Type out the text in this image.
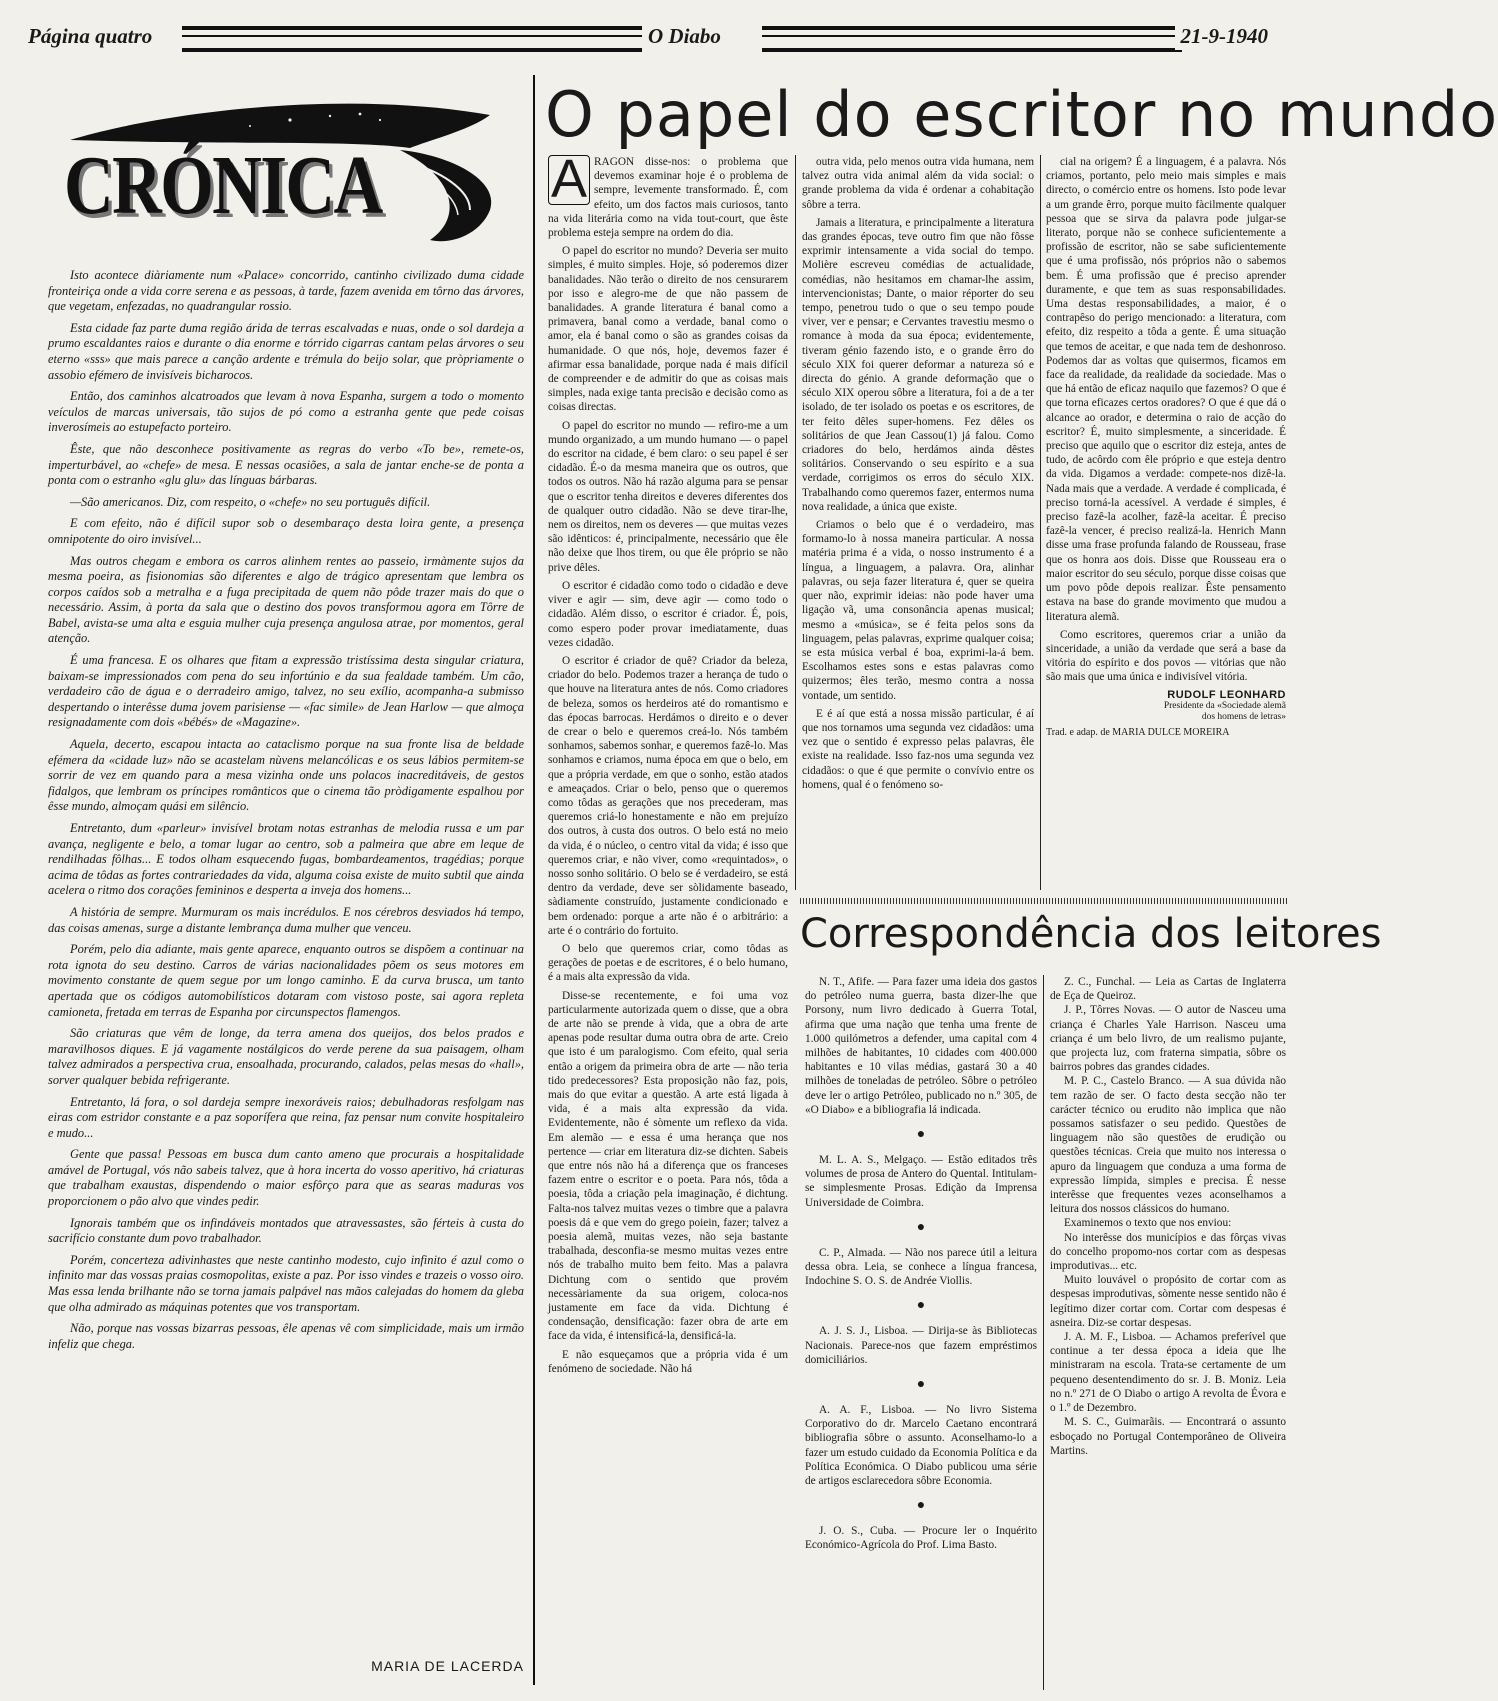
Página quatro	O Diabo	21-9-1940
CRÓNICA

Isto acontece diàriamente num «Palace» concorrido, cantinho civilizado duma cidade fronteiriça onde a vida corre serena e as pessoas, à tarde, fazem avenida em tôrno das árvores, que vegetam, enfezadas, no quadrangular rossio.

Esta cidade faz parte duma região árida de terras escalvadas e nuas, onde o sol dardeja a prumo escaldantes raios e durante o dia enorme e tórrido cigarras cantam pelas árvores o seu eterno «sss» que mais parece a canção ardente e trémula do beijo solar, que pròpriamente o assobio efémero de invisíveis bicharocos.

Então, dos caminhos alcatroados que levam à nova Espanha, surgem a todo o momento veículos de marcas universais, tão sujos de pó como a estranha gente que pede coisas inverosímeis ao estupefacto porteiro.

Êste, que não desconhece positivamente as regras do verbo «To be», remete-os, imperturbável, ao «chefe» de mesa. E nessas ocasiões, a sala de jantar enche-se de ponta a ponta com o estranho «glu glu» das línguas bárbaras.

—São americanos. Diz, com respeito, o «chefe» no seu português difícil.

E com efeito, não é difícil supor sob o desembaraço desta loira gente, a presença omnipotente do oiro invisível...

Mas outros chegam e embora os carros alinhem rentes ao passeio, irmàmente sujos da mesma poeira, as fisionomias são diferentes e algo de trágico apresentam que lembra os corpos caídos sob a metralha e a fuga precipitada de quem não pôde trazer mais do que o necessário. Assim, à porta da sala que o destino dos povos transformou agora em Tôrre de Babel, avista-se uma alta e esguia mulher cuja presença angulosa atrae, por momentos, geral atenção.

É uma francesa. E os olhares que fitam a expressão tristíssima desta singular criatura, baixam-se impressionados com pena do seu infortúnio e da sua fealdade também. Um cão, verdadeiro cão de água e o derradeiro amigo, talvez, no seu exílio, acompanha-a submisso despertando o interêsse duma jovem parisiense — «fac simile» de Jean Harlow — que almoça resignadamente com dois «bébés» de «Magazine».

Aquela, decerto, escapou intacta ao cataclismo porque na sua fronte lisa de beldade efémera da «cidade luz» não se acastelam nùvens melancólicas e os seus lábios permitem-se sorrir de vez em quando para a mesa vizinha onde uns polacos inacreditáveis, de gestos fidalgos, que lembram os príncipes românticos que o cinema tão pròdigamente espalhou por êsse mundo, almoçam quási em silêncio.

Entretanto, dum «parleur» invisível brotam notas estranhas de melodia russa e um par avança, negligente e belo, a tomar lugar ao centro, sob a palmeira que abre em leque de rendilhadas fôlhas... E todos olham esquecendo fugas, bombardeamentos, tragédias; porque acima de tôdas as fortes contrariedades da vida, alguma coisa existe de muito subtil que ainda acelera o ritmo dos corações femininos e desperta a inveja dos homens...

A história de sempre. Murmuram os mais incrédulos. E nos cérebros desviados há tempo, das coisas amenas, surge a distante lembrança duma mulher que venceu.

Porém, pelo dia adiante, mais gente aparece, enquanto outros se dispõem a continuar na rota ignota do seu destino. Carros de várias nacionalidades põem os seus motores em movimento constante de quem segue por um longo caminho. E da curva brusca, um tanto apertada que os códigos automobilísticos dotaram com vistoso poste, sai agora repleta camioneta, fretada em terras de Espanha por circunspectos flamengos.

São criaturas que vêm de longe, da terra amena dos queijos, dos belos prados e maravilhosos diques. E já vagamente nostálgicos do verde perene da sua paisagem, olham talvez admirados a perspectiva crua, ensoalhada, procurando, calados, pelas mesas do «hall», sorver qualquer bebida refrigerante.

Entretanto, lá fora, o sol dardeja sempre inexoráveis raios; debulhadoras resfolgam nas eiras com estridor constante e a paz soporífera que reina, faz pensar num convite hospitaleiro e mudo...

Gente que passa! Pessoas em busca dum canto ameno que procurais a hospitalidade amável de Portugal, vós não sabeis talvez, que à hora incerta do vosso aperitivo, há criaturas que trabalham exaustas, dispendendo o maior esfôrço para que as searas maduras vos proporcionem o pão alvo que vindes pedir.

Ignorais também que os infindáveis montados que atravessastes, são férteis à custa do sacrifício constante dum povo trabalhador.

Porém, concerteza adivinhastes que neste cantinho modesto, cujo infinito é azul como o infinito mar das vossas praias cosmopolitas, existe a paz. Por isso vindes e trazeis o vosso oiro. Mas essa lenda brilhante não se torna jamais palpável nas mãos calejadas do homem da gleba que olha admirado as máquinas potentes que vos transportam.

Não, porque nas vossas bizarras pessoas, êle apenas vê com simplicidade, mais um irmão infeliz que chega.

MARIA DE LACERDA
O papel do escritor no mundo

A RAGON disse-nos: o problema que devemos examinar hoje é o problema de sempre, levemente transformado. É, com efeito, um dos factos mais curiosos, tanto na vida literária como na vida tout-court, que êste problema esteja sempre na ordem do dia.

O papel do escritor no mundo? Deveria ser muito simples, é muito simples. Hoje, só poderemos dizer banalidades. Não terão o direito de nos censurarem por isso e alegro-me de que não passem de banalidades. A grande literatura é banal como a primavera, banal como a verdade, banal como o amor, ela é banal como o são as grandes coisas da humanidade. O que nós, hoje, devemos fazer é afirmar essa banalidade, porque nada é mais difícil de compreender e de admitir do que as coisas mais simples, nada exige tanta precisão e decisão como as coisas directas.

O papel do escritor no mundo — refiro-me a um mundo organizado, a um mundo humano — o papel do escritor na cidade, é bem claro: o seu papel é ser cidadão. É-o da mesma maneira que os outros, que todos os outros. Não há razão alguma para se pensar que o escritor tenha direitos e deveres diferentes dos de qualquer outro cidadão. Não se deve tirar-lhe, nem os direitos, nem os deveres — que muitas vezes são idênticos: é, principalmente, necessário que êle não deixe que lhos tirem, ou que êle próprio se não prive dêles.

O escritor é cidadão como todo o cidadão e deve viver e agir — sim, deve agir — como todo o cidadão. Além disso, o escritor é criador. É, pois, como espero poder provar imediatamente, duas vezes cidadão.

O escritor é criador de quê? Criador da beleza, criador do belo. Podemos trazer a herança de tudo o que houve na literatura antes de nós. Como criadores de beleza, somos os herdeiros até do romantismo e das épocas barrocas. Herdámos o direito e o dever de crear o belo e queremos creá-lo. Nós também sonhamos, sabemos sonhar, e queremos fazê-lo. Mas sonhamos e criamos, numa época em que o belo, em que a própria verdade, em que o sonho, estão atados e ameaçados. Criar o belo, penso que o queremos como tôdas as gerações que nos precederam, mas queremos criá-lo honestamente e não em prejuízo dos outros, à custa dos outros. O belo está no meio da vida, é o núcleo, o centro vital da vida; é isso que queremos criar, e não viver, como «requintados», o nosso sonho solitário. O belo se é verdadeiro, se está dentro da verdade, deve ser sòlidamente baseado, sàdiamente construído, justamente condicionado e bem ordenado: porque a arte não é o arbitrário: a arte é o contrário do fortuito.

O belo que queremos criar, como tôdas as gerações de poetas e de escritores, é o belo humano, é a mais alta expressão da vida.

Disse-se recentemente, e foi uma voz particularmente autorizada quem o disse, que a obra de arte não se prende à vida, que a obra de arte apenas pode resultar duma outra obra de arte. Creio que isto é um paralogismo. Com efeito, qual seria então a origem da primeira obra de arte — não teria tido predecessores? Esta proposição não faz, pois, mais do que evitar a questão. A arte está ligada à vida, é a mais alta expressão da vida. Evidentemente, não é sòmente um reflexo da vida. Em alemão — e essa é uma herança que nos pertence — criar em literatura diz-se dichten. Sabeis que entre nós não há a diferença que os franceses fazem entre o escritor e o poeta. Para nós, tôda a poesia, tôda a criação pela imaginação, é dichtung. Falta-nos talvez muitas vezes o timbre que a palavra poesis dá e que vem do grego poiein, fazer; talvez a poesia alemã, muitas vezes, não seja bastante trabalhada, desconfia-se mesmo muitas vezes entre nós de trabalho muito bem feito. Mas a palavra Dichtung com o sentido que provém necessàriamente da sua origem, coloca-nos justamente em face da vida. Dichtung é condensação, densificação: fazer obra de arte em face da vida, é intensificá-la, densificá-la.

E não esqueçamos que a própria vida é um fenómeno de sociedade. Não há

outra vida, pelo menos outra vida humana, nem talvez outra vida animal além da vida social: o grande problema da vida é ordenar a cohabitação sôbre a terra.

Jamais a literatura, e principalmente a literatura das grandes épocas, teve outro fim que não fôsse exprimir intensamente a vida social do tempo. Molière escreveu comédias de actualidade, comédias, não hesitamos em chamar-lhe assim, intervencionistas; Dante, o maior réporter do seu tempo, penetrou tudo o que o seu tempo poude viver, ver e pensar; e Cervantes travestiu mesmo o romance à moda da sua época; evidentemente, tiveram génio fazendo isto, e o grande êrro do século XIX foi querer deformar a natureza só e directa do génio. A grande deformação que o século XIX operou sôbre a literatura, foi a de a ter isolado, de ter isolado os poetas e os escritores, de ter feito dêles super-homens. Fez dêles os solitários de que Jean Cassou(1) já falou. Como criadores do belo, herdámos ainda dêstes solitários. Conservando o seu espírito e a sua verdade, corrigimos os erros do século XIX. Trabalhando como queremos fazer, entermos numa nova realidade, a única que existe.

Criamos o belo que é o verdadeiro, mas formamo-lo à nossa maneira particular. A nossa matéria prima é a vida, o nosso instrumento é a língua, a linguagem, a palavra. Ora, alinhar palavras, ou seja fazer literatura é, quer se queira quer não, exprimir ideias: não pode haver uma ligação vã, uma consonância apenas musical; mesmo a «música», se é feita pelos sons da linguagem, pelas palavras, exprime qualquer coisa; se esta música verbal é boa, exprimi-la-á bem. Escolhamos estes sons e estas palavras como quizermos; êles terão, mesmo contra a nossa vontade, um sentido.

E é aí que está a nossa missão particular, é aí que nos tornamos uma segunda vez cidadãos: uma vez que o sentido é expresso pelas palavras, êle existe na realidade. Isso faz-nos uma segunda vez cidadãos: o que é que permite o convívio entre os homens, qual é o fenómeno so-

cial na origem? É a linguagem, é a palavra. Nós criamos, portanto, pelo meio mais simples e mais directo, o comércio entre os homens. Isto pode levar a um grande êrro, porque muito fàcilmente qualquer pessoa que se sirva da palavra pode julgar-se literato, porque não se conhece suficientemente a profissão de escritor, não se sabe suficientemente que é uma profissão, nós próprios não o sabemos bem. É uma profissão que é preciso aprender duramente, e que tem as suas responsabilidades. Uma destas responsabilidades, a maior, é o contrapêso do perigo mencionado: a literatura, com efeito, diz respeito a tôda a gente. É uma situação que temos de aceitar, e que nada tem de deshonroso. Podemos dar as voltas que quisermos, ficamos em face da realidade, da realidade da sociedade. Mas o que há então de eficaz naquilo que fazemos? O que é que torna eficazes certos oradores? O que é que dá o alcance ao orador, e determina o raio de acção do escritor? É, muito simplesmente, a sinceridade. É preciso que aquilo que o escritor diz esteja, antes de tudo, de acôrdo com êle próprio e que esteja dentro da vida. Digamos a verdade: compete-nos dizê-la. Nada mais que a verdade. A verdade é complicada, é preciso torná-la acessível. A verdade é simples, é preciso fazê-la acolher, fazê-la aceitar. É preciso fazê-la vencer, é preciso realizá-la. Henrich Mann disse uma frase profunda falando de Rousseau, frase que os honra aos dois. Disse que Rousseau era o maior escritor do seu século, porque disse coisas que um povo pôde depois realizar. Êste pensamento estava na base do grande movimento que mudou a literatura alemã.

Como escritores, queremos criar a união da sinceridade, a união da verdade que será a base da vitória do espírito e dos povos — vitórias que não são mais que uma única e indivisível vitória.

RUDOLF LEONHARD
Presidente da «Sociedade alemã
dos homens de letras»
Trad. e adap. de MARIA DULCE MOREIRA
Correspondência dos leitores

N. T., Afife. — Para fazer uma ideia dos gastos do petróleo numa guerra, basta dizer-lhe que Porsony, num livro dedicado à Guerra Total, afirma que uma nação que tenha uma frente de 1.000 quilómetros a defender, uma capital com 4 milhões de habitantes, 10 cidades com 400.000 habitantes e 10 vilas médias, gastará 30 a 40 milhões de toneladas de petróleo. Sôbre o petróleo deve ler o artigo Petróleo, publicado no n.º 305, de «O Diabo» e a bibliografia lá indicada.

●

M. L. A. S., Melgaço. — Estão editados três volumes de prosa de Antero do Quental. Intitulam-se simplesmente Prosas. Edição da Imprensa Universidade de Coimbra.

●

C. P., Almada. — Não nos parece útil a leitura dessa obra. Leia, se conhece a língua francesa, Indochine S. O. S. de Andrée Viollis.

●

A. J. S. J., Lisboa. — Dirija-se às Bibliotecas Nacionais. Parece-nos que fazem empréstimos domiciliários.

●

A. A. F., Lisboa. — No livro Sistema Corporativo do dr. Marcelo Caetano encontrará bibliografia sôbre o assunto. Aconselhamo-lo a fazer um estudo cuidado da Economia Política e da Política Económica. O Diabo publicou uma série de artigos esclarecedora sôbre Economia.

●

J. O. S., Cuba. — Procure ler o Inquérito Económico-Agrícola do Prof. Lima Basto.

Z. C., Funchal. — Leia as Cartas de Inglaterra de Eça de Queiroz.

J. P., Tôrres Novas. — O autor de Nasceu uma criança é Charles Yale Harrison. Nasceu uma criança é um belo livro, de um realismo pujante, que projecta luz, com fraterna simpatia, sôbre os bairros pobres das grandes cidades.

M. P. C., Castelo Branco. — A sua dúvida não tem razão de ser. O facto desta secção não ter carácter técnico ou erudito não implica que não possamos satisfazer o seu pedido. Questões de linguagem não são questões de erudição ou questões técnicas. Creia que muito nos interessa o apuro da linguagem que conduza a uma forma de expressão límpida, simples e precisa. É nesse interêsse que frequentes vezes aconselhamos a leitura dos nossos clássicos do humano.

Examinemos o texto que nos enviou:

No interêsse dos municípios e das fôrças vivas do concelho propomo-nos cortar com as despesas improdutivas... etc.

Muito louvável o propósito de cortar com as despesas improdutivas, sòmente nesse sentido não é legítimo dizer cortar com. Cortar com despesas é asneira. Diz-se cortar despesas.

J. A. M. F., Lisboa. — Achamos preferível que continue a ter dessa época a ideia que lhe ministraram na escola. Trata-se certamente de um pequeno desentendimento do sr. J. B. Moniz. Leia no n.º 271 de O Diabo o artigo A revolta de Évora e o 1.º de Dezembro.

M. S. C., Guimarãis. — Encontrará o assunto esboçado no Portugal Contemporâneo de Oliveira Martins.
